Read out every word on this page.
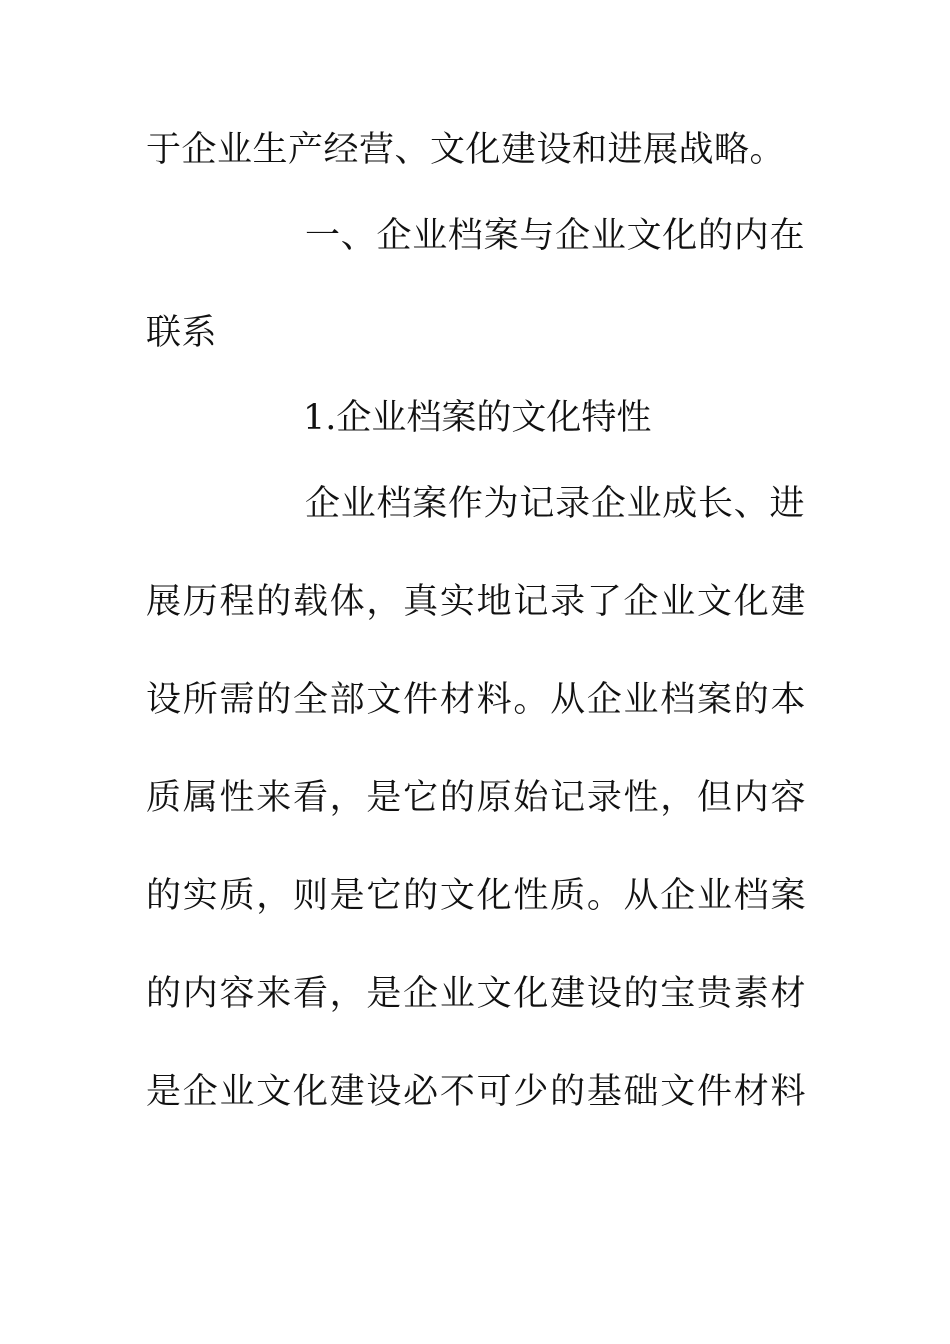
于企业生产经营、文化建设和进展战略。
一、企业档案与企业文化的内在
联系
1.企业档案的文化特性
企业档案作为记录企业成长、进
展历程的载体，真实地记录了企业文化建
设所需的全部文件材料。从企业档案的本
质属性来看，是它的原始记录性，但内容
的实质，则是它的文化性质。从企业档案
的内容来看，是企业文化建设的宝贵素材
是企业文化建设必不可少的基础文件材料
